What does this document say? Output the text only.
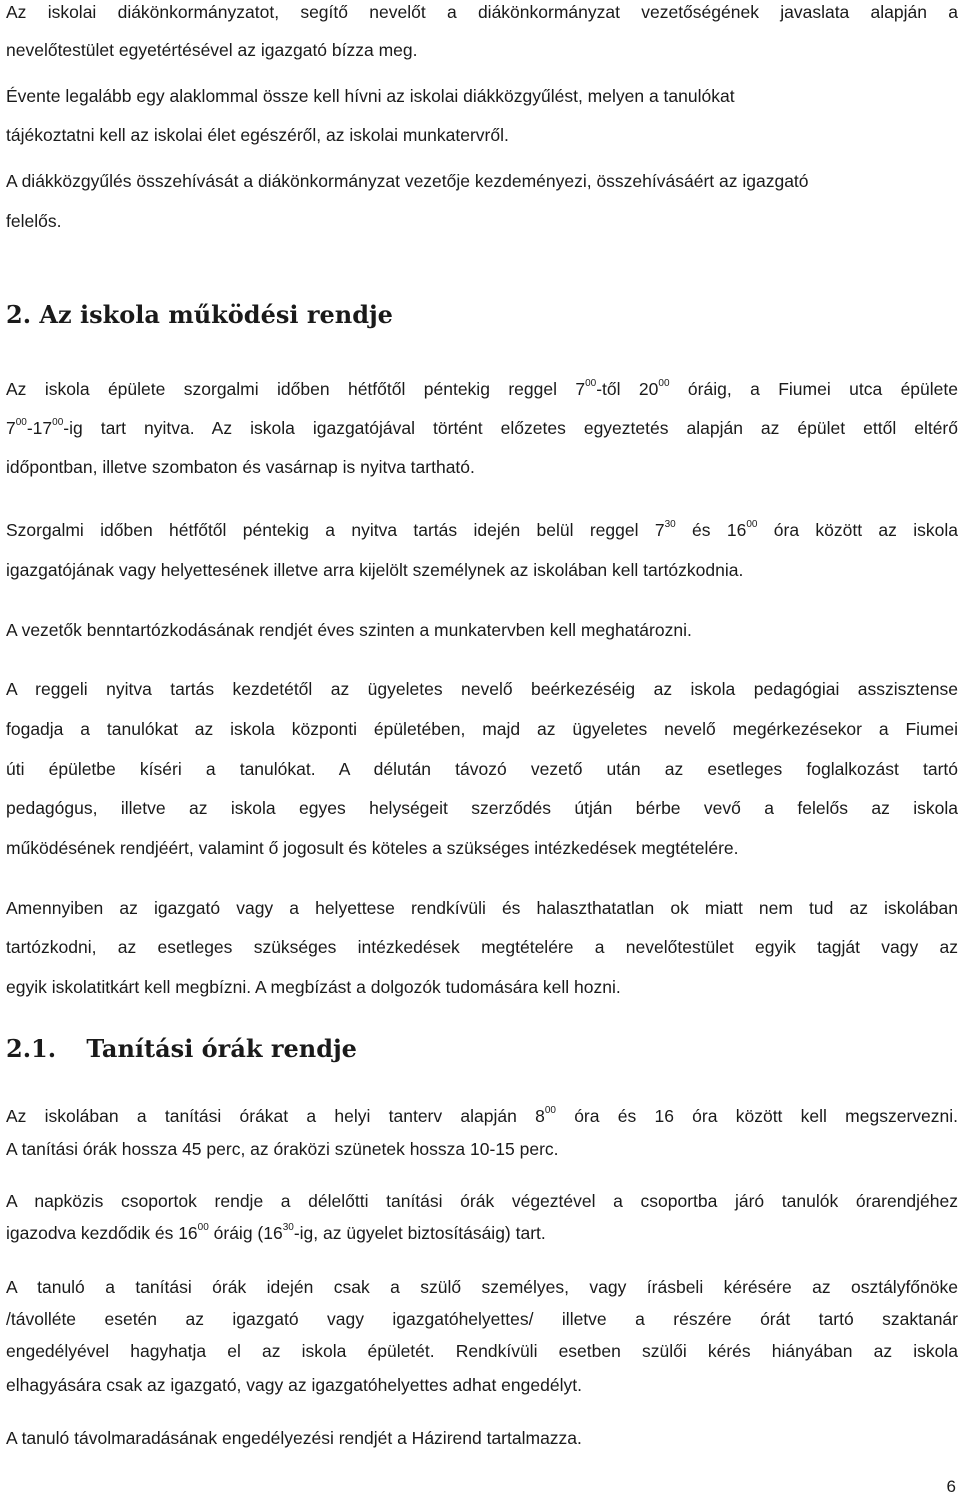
Az iskolai diákönkormányzatot, segítő nevelőt a diákönkormányzat vezetőségének javaslata alapján a
nevelőtestület egyetértésével az igazgató bízza meg.
Évente legalább egy alaklommal össze kell hívni az iskolai diákközgyűlést, melyen a tanulókat
tájékoztatni kell az iskolai élet egészéről, az iskolai munkatervről.
A diákközgyűlés összehívását a diákönkormányzat vezetője kezdeményezi, összehívásáért az igazgató
felelős.
2. Az iskola működési rendje
Az iskola épülete szorgalmi időben hétfőtől péntekig reggel $7^{00}$-től $20^{00}$ óráig, a Fiumei utca épülete
$7^{00}-17^{00}-ig$ tart nyitva. Az iskola igazgatójával történt előzetes egyeztetés alapján az épület ettől eltérő
időpontban, illetve szombaton és vasárnap is nyitva tartható.
Szorgalmi időben hétfőtől péntekig a nyitva tartás idején belül reggel $7^{30}$ és $16^{00}$ óra között az iskola
igazgatójának vagy helyettesének illetve arra kijelölt személynek az iskolában kell tartózkodnia.
A vezetők benntartózkodásának rendjét éves szinten a munkatervben kell meghatározni.
A reggeli nyitva tartás kezdetétől az ügyeletes nevelő beérkezéséig az iskola pedagógiai asszisztense
fogadja a tanulókat az iskola központi épületében, majd az ügyeletes nevelő megérkezésekor a Fiumei
úti épületbe kíséri a tanulókat. A délután távozó vezető után az esetleges foglalkozást tartó
pedagógus, illetve az iskola egyes helységeit szerződés útján bérbe vevő a felelős az iskola
működésének rendjéért, valamint ő jogosult és köteles a szükséges intézkedések megtételére.
Amennyiben az igazgató vagy a helyettese rendkívüli és halaszthatatlan ok miatt nem tud az iskolában
tartózkodni, az esetleges szükséges intézkedések megtételére a nevelőtestület egyik tagját vagy az
egyik iskolatitkárt kell megbízni. A megbízást a dolgozók tudomására kell hozni.
2.1. Tanítási órák rendje
Az iskolában a tanítási órákat a helyi tanterv alapján $8^{00}$ óra és 16 óra között kell megszervezni.
A tanítási órák hossza 45 perc, az óraközi szünetek hossza 10-15 perc.
A napközis csoportok rendje a délelőtti tanítási órák végeztével a csoportba járó tanulók órarendjéhez
igazodva kezdődik és $16^{00}$ óráig ($16^{30}-ig$, az ügyelet biztosításáig) tart.
A tanuló a tanítási órák idején csak a szülő személyes, vagy írásbeli kérésére az osztályfőnöke
/távolléte esetén az igazgató vagy igazgatóhelyettes/ illetve a részére órát tartó szaktanár
engedélyével hagyhatja el az iskola épületét. Rendkívüli esetben szülői kérés hiányában az iskola
elhagyására csak az igazgató, vagy az igazgatóhelyettes adhat engedélyt.
A tanuló távolmaradásának engedélyezési rendjét a Házirend tartalmazza.
6
